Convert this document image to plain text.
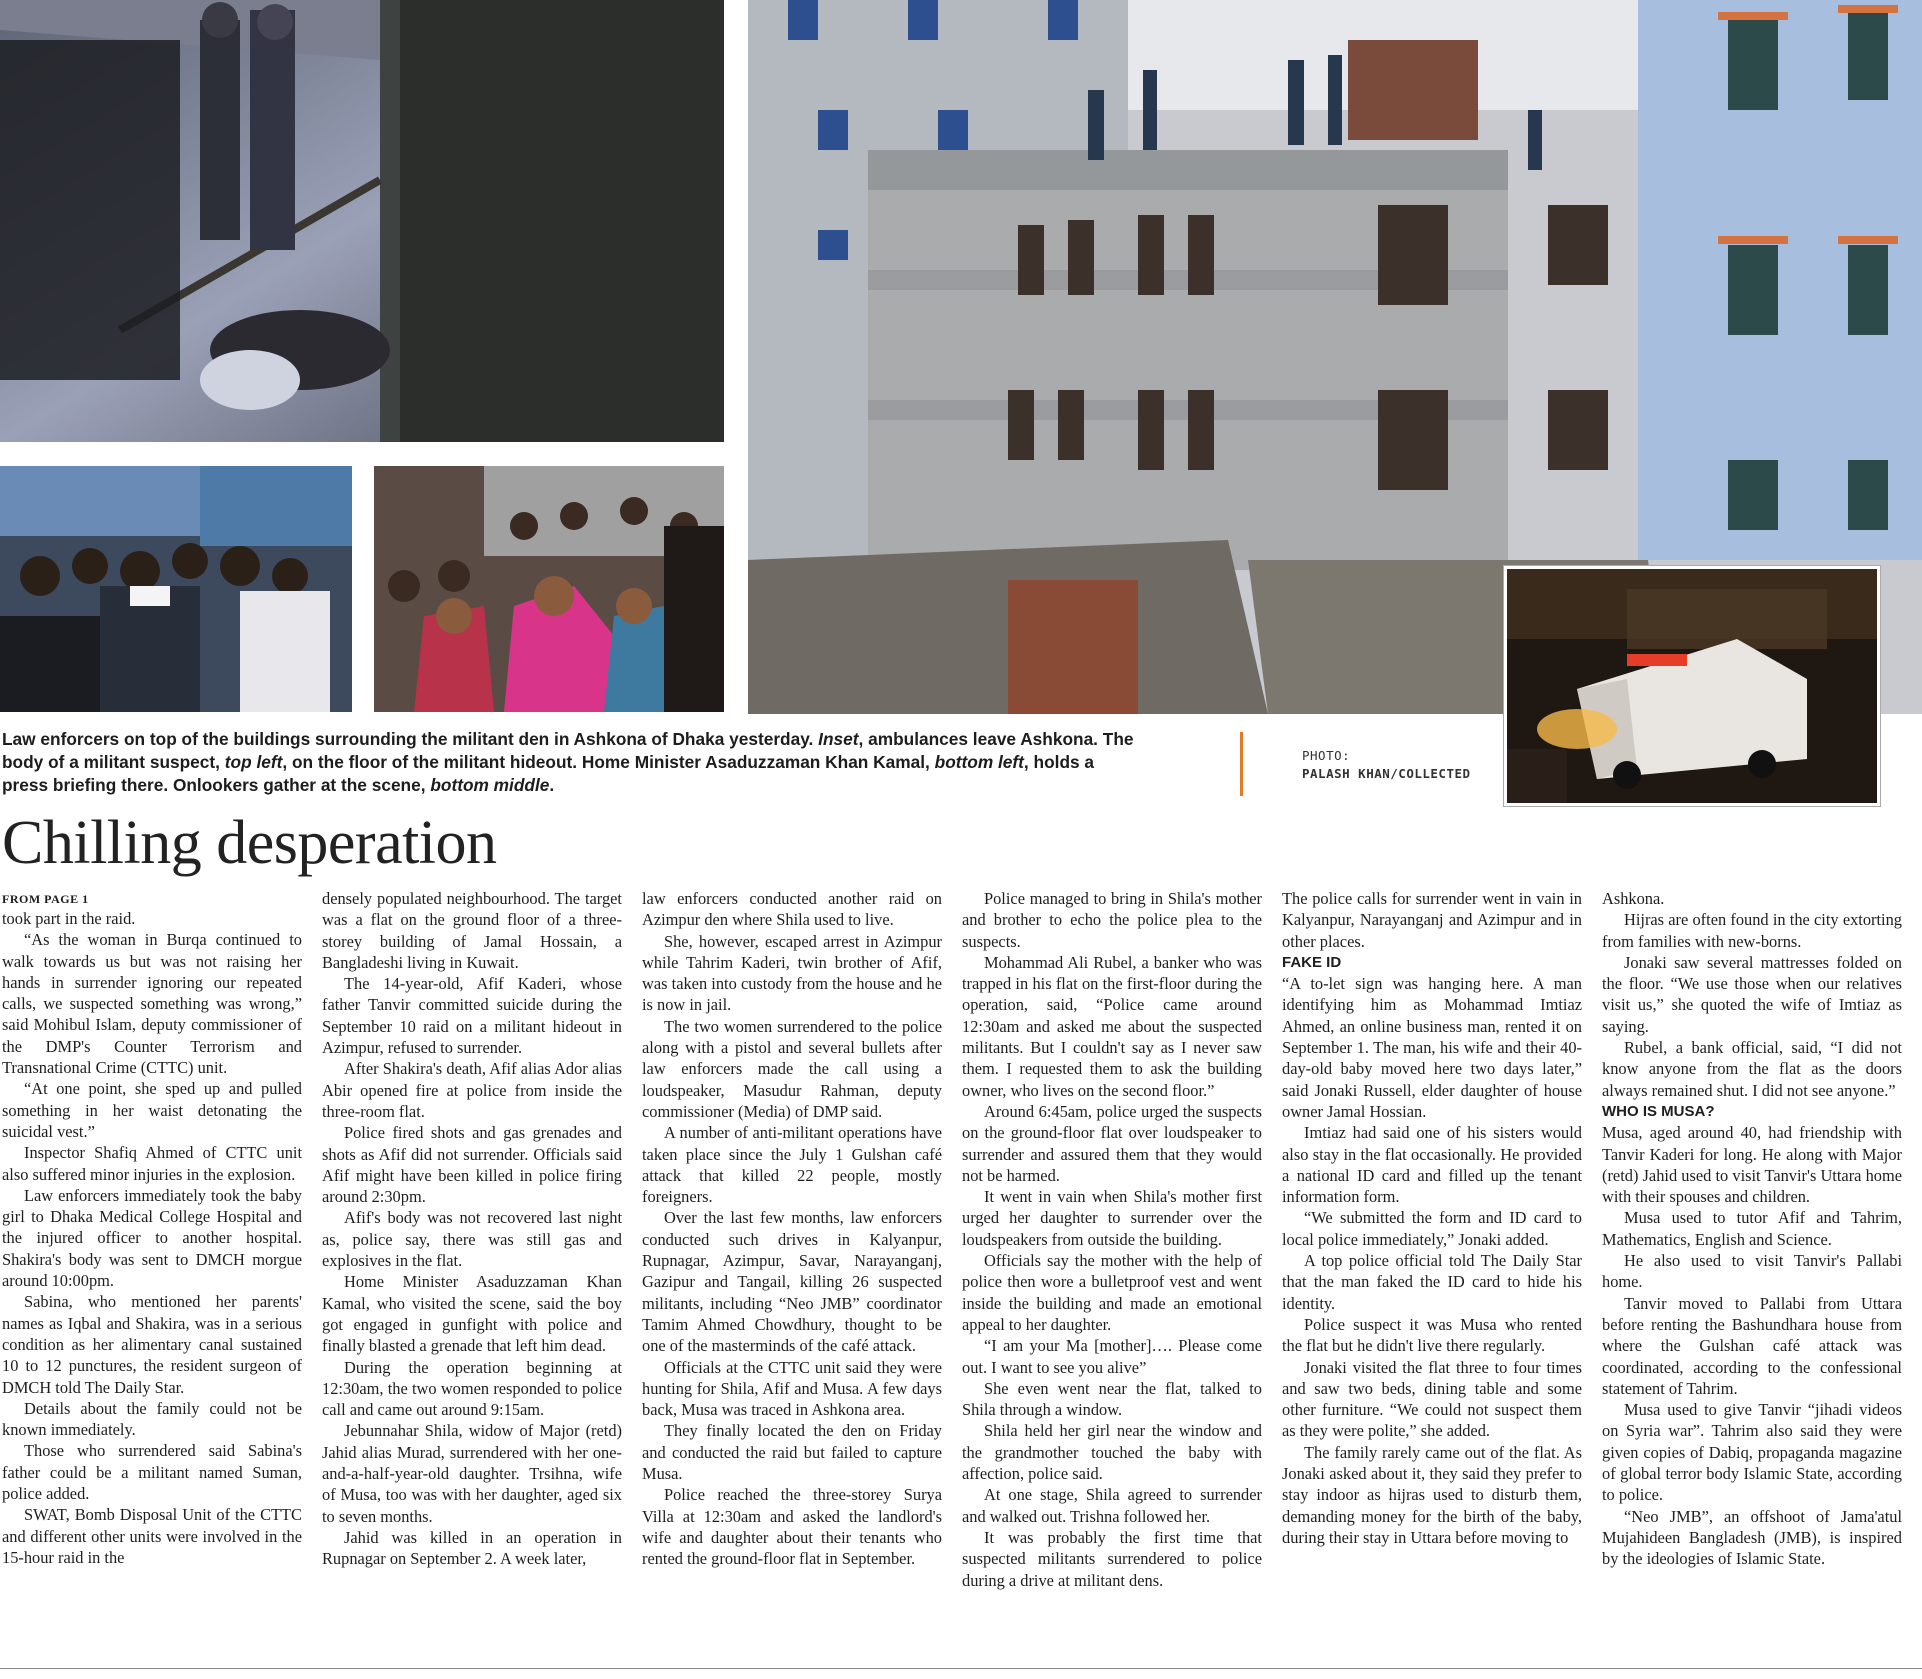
Law enforcers on top of the buildings surrounding the militant den in Ashkona of Dhaka yesterday. Inset, ambulances leave Ashkona. The body of a militant suspect, top left, on the floor of the militant hideout. Home Minister Asaduzzaman Khan Kamal, bottom left, holds a press briefing there. Onlookers gather at the scene, bottom middle.
PHOTO:
PALASH KHAN/COLLECTED
Chilling desperation

FROM PAGE 1

took part in the raid.

“As the woman in Burqa continued to walk towards us but was not raising her hands in surrender ignoring our repeated calls, we suspected something was wrong,” said Mohibul Islam, deputy commissioner of the DMP's Counter Terrorism and Transnational Crime (CTTC) unit.

“At one point, she sped up and pulled something in her waist detonating the suicidal vest.”

Inspector Shafiq Ahmed of CTTC unit also suffered minor injuries in the explosion.

Law enforcers immediately took the baby girl to Dhaka Medical College Hospital and the injured officer to another hospital. Shakira's body was sent to DMCH morgue around 10:00pm.

Sabina, who mentioned her parents' names as Iqbal and Shakira, was in a serious condition as her alimentary canal sustained 10 to 12 punctures, the resident surgeon of DMCH told The Daily Star.

Details about the family could not be known immediately.

Those who surrendered said Sabina's father could be a militant named Suman, police added.

SWAT, Bomb Disposal Unit of the CTTC and different other units were involved in the 15-hour raid in the

densely populated neighbourhood. The target was a flat on the ground floor of a three-storey building of Jamal Hossain, a Bangladeshi living in Kuwait.

The 14-year-old, Afif Kaderi, whose father Tanvir committed suicide during the September 10 raid on a militant hideout in Azimpur, refused to surrender.

After Shakira's death, Afif alias Ador alias Abir opened fire at police from inside the three-room flat.

Police fired shots and gas grenades and shots as Afif did not surrender. Officials said Afif might have been killed in police firing around 2:30pm.

Afif's body was not recovered last night as, police say, there was still gas and explosives in the flat.

Home Minister Asaduzzaman Khan Kamal, who visited the scene, said the boy got engaged in gunfight with police and finally blasted a grenade that left him dead.

During the operation beginning at 12:30am, the two women responded to police call and came out around 9:15am.

Jebunnahar Shila, widow of Major (retd) Jahid alias Murad, surrendered with her one-and-a-half-year-old daughter. Trsihna, wife of Musa, too was with her daughter, aged six to seven months.

Jahid was killed in an operation in Rupnagar on September 2. A week later,

law enforcers conducted another raid on Azimpur den where Shila used to live.

She, however, escaped arrest in Azimpur while Tahrim Kaderi, twin brother of Afif, was taken into custody from the house and he is now in jail.

The two women surrendered to the police along with a pistol and several bullets after law enforcers made the call using a loudspeaker, Masudur Rahman, deputy commissioner (Media) of DMP said.

A number of anti-militant operations have taken place since the July 1 Gulshan café attack that killed 22 people, mostly foreigners.

Over the last few months, law enforcers conducted such drives in Kalyanpur, Rupnagar, Azimpur, Savar, Narayanganj, Gazipur and Tangail, killing 26 suspected militants, including “Neo JMB” coordinator Tamim Ahmed Chowdhury, thought to be one of the masterminds of the café attack.

Officials at the CTTC unit said they were hunting for Shila, Afif and Musa. A few days back, Musa was traced in Ashkona area.

They finally located the den on Friday and conducted the raid but failed to capture Musa.

Police reached the three-storey Surya Villa at 12:30am and asked the landlord's wife and daughter about their tenants who rented the ground-floor flat in September.

Police managed to bring in Shila's mother and brother to echo the police plea to the suspects.

Mohammad Ali Rubel, a banker who was trapped in his flat on the first-floor during the operation, said, “Police came around 12:30am and asked me about the suspected militants. But I couldn't say as I never saw them. I requested them to ask the building owner, who lives on the second floor.”

Around 6:45am, police urged the suspects on the ground-floor flat over loudspeaker to surrender and assured them that they would not be harmed.

It went in vain when Shila's mother first urged her daughter to surrender over the loudspeakers from outside the building.

Officials say the mother with the help of police then wore a bulletproof vest and went inside the building and made an emotional appeal to her daughter.

“I am your Ma [mother]…. Please come out. I want to see you alive”

She even went near the flat, talked to Shila through a window.

Shila held her girl near the window and the grandmother touched the baby with affection, police said.

At one stage, Shila agreed to surrender and walked out. Trishna followed her.

It was probably the first time that suspected militants surrendered to police during a drive at militant dens.

The police calls for surrender went in vain in Kalyanpur, Narayanganj and Azimpur and in other places.

FAKE ID

“A to-let sign was hanging here. A man identifying him as Mohammad Imtiaz Ahmed, an online business man, rented it on September 1. The man, his wife and their 40-day-old baby moved here two days later,” said Jonaki Russell, elder daughter of house owner Jamal Hossian.

Imtiaz had said one of his sisters would also stay in the flat occasionally. He provided a national ID card and filled up the tenant information form.

“We submitted the form and ID card to local police immediately,” Jonaki added.

A top police official told The Daily Star that the man faked the ID card to hide his identity.

Police suspect it was Musa who rented the flat but he didn't live there regularly.

Jonaki visited the flat three to four times and saw two beds, dining table and some other furniture. “We could not suspect them as they were polite,” she added.

The family rarely came out of the flat. As Jonaki asked about it, they said they prefer to stay indoor as hijras used to disturb them, demanding money for the birth of the baby, during their stay in Uttara before moving to

Ashkona.

Hijras are often found in the city extorting from families with new-borns.

Jonaki saw several mattresses folded on the floor. “We use those when our relatives visit us,” she quoted the wife of Imtiaz as saying.

Rubel, a bank official, said, “I did not know anyone from the flat as the doors always remained shut. I did not see anyone.”

WHO IS MUSA?

Musa, aged around 40, had friendship with Tanvir Kaderi for long. He along with Major (retd) Jahid used to visit Tanvir's Uttara home with their spouses and children.

Musa used to tutor Afif and Tahrim, Mathematics, English and Science.

He also used to visit Tanvir's Pallabi home.

Tanvir moved to Pallabi from Uttara before renting the Bashundhara house from where the Gulshan café attack was coordinated, according to the confessional statement of Tahrim.

Musa used to give Tanvir “jihadi videos on Syria war”. Tahrim also said they were given copies of Dabiq, propaganda magazine of global terror body Islamic State, according to police.

“Neo JMB”, an offshoot of Jama'atul Mujahideen Bangladesh (JMB), is inspired by the ideologies of Islamic State.
